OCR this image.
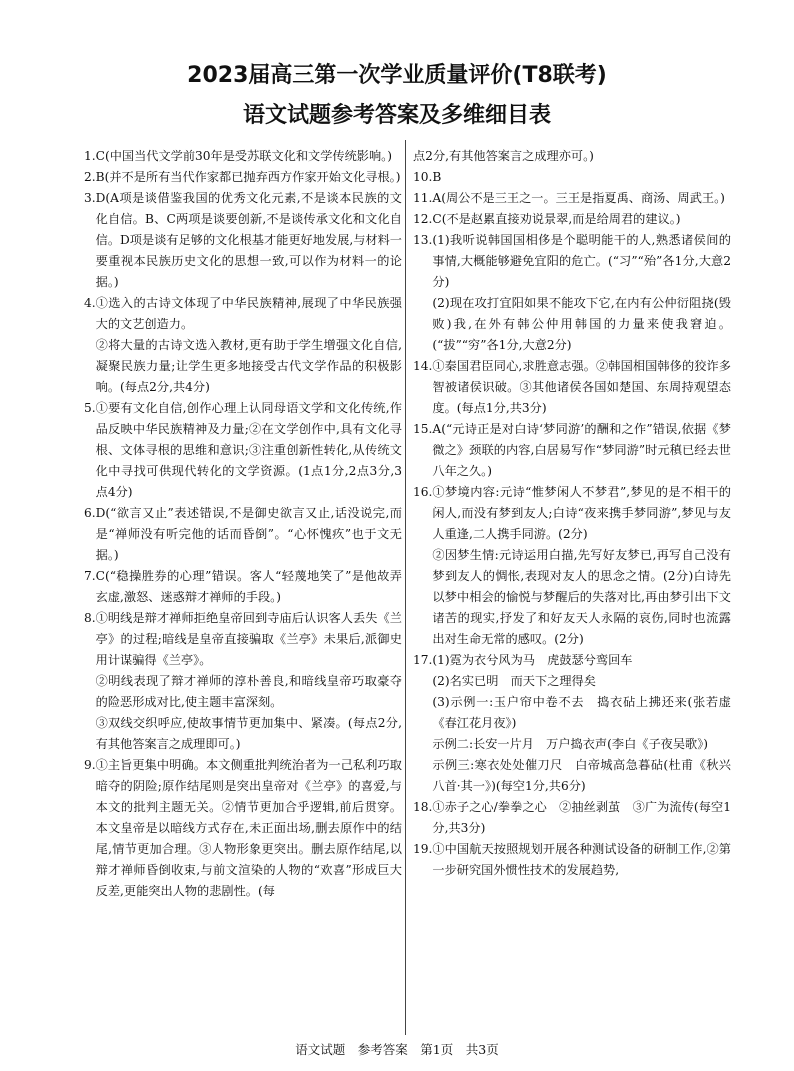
2023届高三第一次学业质量评价(T8联考)
语文试题参考答案及多维细目表
1. C(中国当代文学前30年是受苏联文化和文学传统影响。)
2. B(并不是所有当代作家都已抛弃西方作家开始文化寻根。)
3. D(A项是谈借鉴我国的优秀文化元素,不是谈本民族的文化自信。B、C两项是谈要创新,不是谈传承文化和文化自信。D项是谈有足够的文化根基才能更好地发展,与材料一要重视本民族历史文化的思想一致,可以作为材料一的论据。)
4. ①选入的古诗文体现了中华民族精神,展现了中华民族强大的文艺创造力。
②将大量的古诗文选入教材,更有助于学生增强文化自信,凝聚民族力量;让学生更多地接受古代文学作品的积极影响。(每点2分,共4分)
5. ①要有文化自信,创作心理上认同母语文学和文化传统,作品反映中华民族精神及力量;②在文学创作中,具有文化寻根、文体寻根的思维和意识;③注重创新性转化,从传统文化中寻找可供现代转化的文学资源。(1点1分,2点3分,3点4分)
6. D(“欲言又止”表述错误,不是御史欲言又止,话没说完,而是“禅师没有听完他的话而昏倒”。“心怀愧疚”也于文无据。)
7. C(“稳操胜券的心理”错误。客人“轻蔑地笑了”是他故弄玄虚,激怒、迷惑辩才禅师的手段。)
8. ①明线是辩才禅师拒绝皇帝回到寺庙后认识客人丢失《兰亭》的过程;暗线是皇帝直接骗取《兰亭》未果后,派御史用计谋骗得《兰亭》。
②明线表现了辩才禅师的淳朴善良,和暗线皇帝巧取豪夺的险恶形成对比,使主题丰富深刻。
③双线交织呼应,使故事情节更加集中、紧凑。(每点2分,有其他答案言之成理即可。)
9. ①主旨更集中明确。本文侧重批判统治者为一己私利巧取暗夺的阴险;原作结尾则是突出皇帝对《兰亭》的喜爱,与本文的批判主题无关。②情节更加合乎逻辑,前后贯穿。本文皇帝是以暗线方式存在,未正面出场,删去原作中的结尾,情节更加合理。③人物形象更突出。删去原作结尾,以辩才禅师昏倒收束,与前文渲染的人物的“欢喜”形成巨大反差,更能突出人物的悲剧性。(每
点2分,有其他答案言之成理亦可。)
10. B
11. A(周公不是三王之一。三王是指夏禹、商汤、周武王。)
12. C(不是赵累直接劝说景翠,而是给周君的建议。)
13. (1)我听说韩国国相侈是个聪明能干的人,熟悉诸侯间的事情,大概能够避免宜阳的危亡。(“习”“殆”各1分,大意2分)
(2)现在攻打宜阳如果不能攻下它,在内有公仲衍阻挠(毁败)我,在外有韩公仲用韩国的力量来使我窘迫。(“拔”“穷”各1分,大意2分)
14. ①秦国君臣同心,求胜意志强。②韩国相国韩侈的狡诈多智被诸侯识破。③其他诸侯各国如楚国、东周持观望态度。(每点1分,共3分)
15. A(“元诗正是对白诗‘梦同游’的酬和之作”错误,依据《梦微之》颈联的内容,白居易写作“梦同游”时元稹已经去世八年之久。)
16. ①梦境内容:元诗“惟梦闲人不梦君”,梦见的是不相干的闲人,而没有梦到友人;白诗“夜来携手梦同游”,梦见与友人重逢,二人携手同游。(2分)
②因梦生情:元诗运用白描,先写好友梦已,再写自己没有梦到友人的惆怅,表现对友人的思念之情。(2分)白诗先以梦中相会的愉悦与梦醒后的失落对比,再由梦引出下文诸苦的现实,抒发了和好友天人永隔的哀伤,同时也流露出对生命无常的感叹。(2分)
17. (1)霓为衣兮风为马　虎鼓瑟兮鸾回车
(2)名实已明　而天下之理得矣
(3)示例一:玉户帘中卷不去　捣衣砧上拂还来(张若虚《春江花月夜》)
示例二:长安一片月　万户捣衣声(李白《子夜吴歌》)
示例三:寒衣处处催刀尺　白帝城高急暮砧(杜甫《秋兴八首·其一》)(每空1分,共6分)
18. ①赤子之心/拳拳之心　②抽丝剥茧　③广为流传(每空1分,共3分)
19. ①中国航天按照规划开展各种测试设备的研制工作,②第一步研究国外惯性技术的发展趋势,
语文试题　参考答案　第1页　共3页
